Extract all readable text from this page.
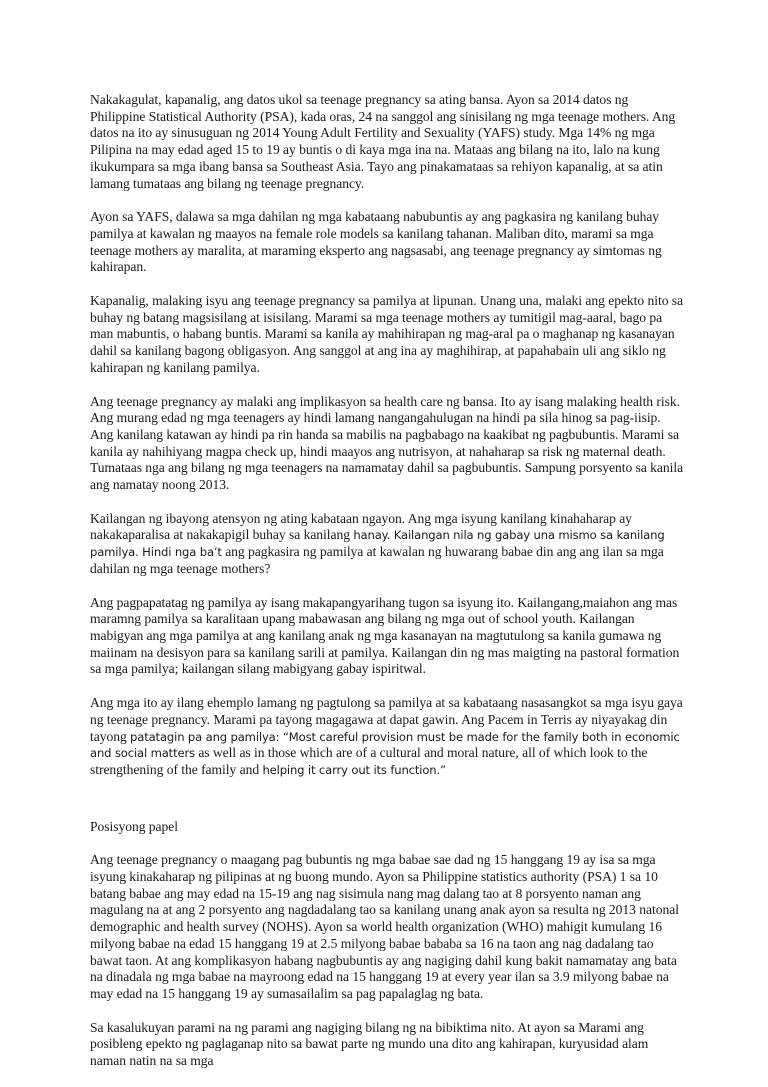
Nakakagulat, kapanalig, ang datos ukol sa teenage pregnancy sa ating bansa. Ayon sa 2014 datos ng Philippine Statistical Authority (PSA), kada oras, 24 na sanggol ang sinisilang ng mga teenage mothers. Ang datos na ito ay sinusuguan ng 2014 Young Adult Fertility and Sexuality (YAFS) study. Mga 14% ng mga Pilipina na may edad aged 15 to 19 ay buntis o di kaya mga ina na. Mataas ang bilang na ito, lalo na kung ikukumpara sa mga ibang bansa sa Southeast Asia. Tayo ang pinakamataas sa rehiyon kapanalig, at sa atin lamang tumataas ang bilang ng teenage pregnancy.

Ayon sa YAFS, dalawa sa mga dahilan ng mga kabataang nabubuntis ay ang pagkasira ng kanilang buhay pamilya at kawalan ng maayos na female role models sa kanilang tahanan. Maliban dito, marami sa mga teenage mothers ay maralita, at maraming eksperto ang nagsasabi, ang teenage pregnancy ay simtomas ng kahirapan.

Kapanalig, malaking isyu ang teenage pregnancy sa pamilya at lipunan. Unang una, malaki ang epekto nito sa buhay ng batang magsisilang at isisilang. Marami sa mga teenage mothers ay tumitigil mag-aaral, bago pa man mabuntis, o habang buntis. Marami sa kanila ay mahihirapan ng mag-aral pa o maghanap ng kasanayan dahil sa kanilang bagong obligasyon. Ang sanggol at ang ina ay maghihirap, at papahabain uli ang siklo ng kahirapan ng kanilang pamilya.

Ang teenage pregnancy ay malaki ang implikasyon sa health care ng bansa. Ito ay isang malaking health risk. Ang murang edad ng mga teenagers ay hindi lamang nangangahulugan na hindi pa sila hinog sa pag-iisip. Ang kanilang katawan ay hindi pa rin handa sa mabilis na pagbabago na kaakibat ng pagbubuntis. Marami sa kanila ay nahihiyang magpa check up, hindi maayos ang nutrisyon, at nahaharap sa risk ng maternal death. Tumataas nga ang bilang ng mga teenagers na namamatay dahil sa pagbubuntis. Sampung porsyento sa kanila ang namatay noong 2013.

Kailangan ng ibayong atensyon ng ating kabataan ngayon. Ang mga isyung kanilang kinahaharap ay nakakaparalisa at nakakapigil buhay sa kanilang hanay. Kailangan nila ng gabay una mismo sa kanilang pamilya. Hindi nga ba’t ang pagkasira ng pamilya at kawalan ng huwarang babae din ang ang ilan sa mga dahilan ng mga teenage mothers?

Ang pagpapatatag ng pamilya ay isang makapangyarihang tugon sa isyung ito. Kailangang,maiahon ang mas maramng pamilya sa karalitaan upang mabawasan ang bilang ng mga out of school youth. Kailangan mabigyan ang mga pamilya at ang kanilang anak ng mga kasanayan na magtutulong sa kanila gumawa ng maiinam na desisyon para sa kanilang sarili at pamilya. Kailangan din ng mas maigting na pastoral formation sa mga pamilya; kailangan silang mabigyang gabay ispiritwal.

Ang mga ito ay ilang ehemplo lamang ng pagtulong sa pamilya at sa kabataang nasasangkot sa mga isyu gaya ng teenage pregnancy. Marami pa tayong magagawa at dapat gawin. Ang Pacem in Terris ay niyayakag din tayong patatagin pa ang pamilya: “Most careful provision must be made for the family both in economic and social matters as well as in those which are of a cultural and moral nature, all of which look to the strengthening of the family and helping it carry out its function.”

Posisyong papel

Ang teenage pregnancy o maagang pag bubuntis ng mga babae sae dad ng 15 hanggang 19 ay isa sa mga isyung kinakaharap ng pilipinas at ng buong mundo. Ayon sa Philippine statistics authority (PSA) 1 sa 10 batang babae ang may edad na 15-19 ang nag sisimula nang mag dalang tao at 8 porsyento naman ang magulang na at ang 2 porsyento ang nagdadalang tao sa kanilang unang anak ayon sa resulta ng 2013 natonal demographic and health survey (NOHS). Ayon sa world health organization (WHO) mahigit kumulang 16 milyong babae na edad 15 hanggang 19 at 2.5 milyong babae bababa sa 16 na taon ang nag dadalang tao bawat taon. At ang komplikasyon habang nagbubuntis ay ang nagiging dahil kung bakit namamatay ang bata na dinadala ng mga babae na mayroong edad na 15 hanggang 19 at every year ilan sa 3.9 milyong babae na may edad na 15 hanggang 19 ay sumasailalim sa pag papalaglag ng bata.

Sa kasalukuyan parami na ng parami ang nagiging bilang ng na bibiktima nito. At ayon sa Marami ang posibleng epekto ng paglaganap nito sa bawat parte ng mundo una dito ang kahirapan, kuryusidad alam naman natin na sa mga
